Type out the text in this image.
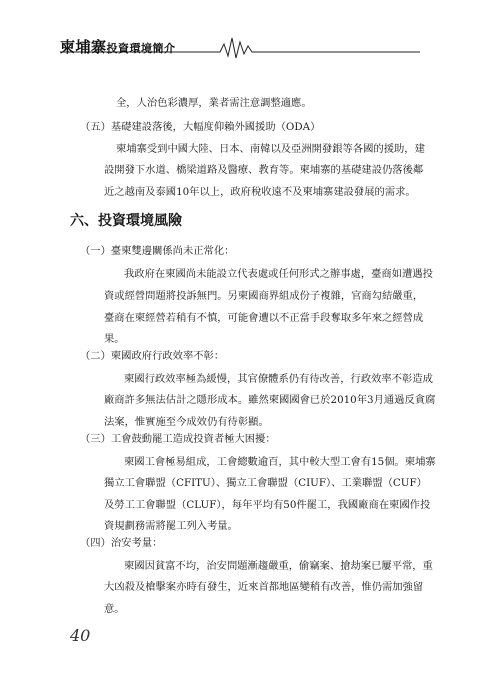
柬埔寨投資環境簡介
全，人治色彩濃厚，業者需注意調整適應。
（五）基礎建設落後，大幅度仰賴外國援助（ODA）
柬埔寨受到中國大陸、日本、南韓以及亞洲開發銀等各國的援助，建
設開發下水道、橋梁道路及醫療、教育等。柬埔寨的基礎建設仍落後鄰
近之越南及泰國10年以上，政府稅收遠不及柬埔寨建設發展的需求。
（一）臺柬雙邊關係尚未正常化：
我政府在柬國尚未能設立代表處或任何形式之辦事處，臺商如遭遇投
資或經營問題將投訴無門。另柬國商界組成份子複雜，官商勾結嚴重，
臺商在柬經營若稍有不慎，可能會遭以不正當手段奪取多年來之經營成
果。
（二）柬國政府行政效率不彰：
柬國行政效率極為緩慢，其官僚體系仍有待改善，行政效率不彰造成
廠商許多無法估計之隱形成本。雖然柬國國會已於2010年3月通過反貪腐
法案，惟實施至今成效仍有待彰顯。
（三）工會鼓動罷工造成投資者極大困擾：
柬國工會極易組成，工會總數逾百，其中較大型工會有15個。柬埔寨
獨立工會聯盟（CFITU）、獨立工會聯盟（CIUF）、工業聯盟（CUF）
及勞工工會聯盟（CLUF），每年平均有50件罷工，我國廠商在柬國作投
資規劃務需將罷工列入考量。
（四）治安考量：
柬國因貧富不均，治安問題漸趨嚴重，偷竊案、搶劫案已屢平常，重
大凶殺及槍擊案亦時有發生，近來首都地區變稍有改善，惟仍需加強留
意。
六、投資環境風險
40
